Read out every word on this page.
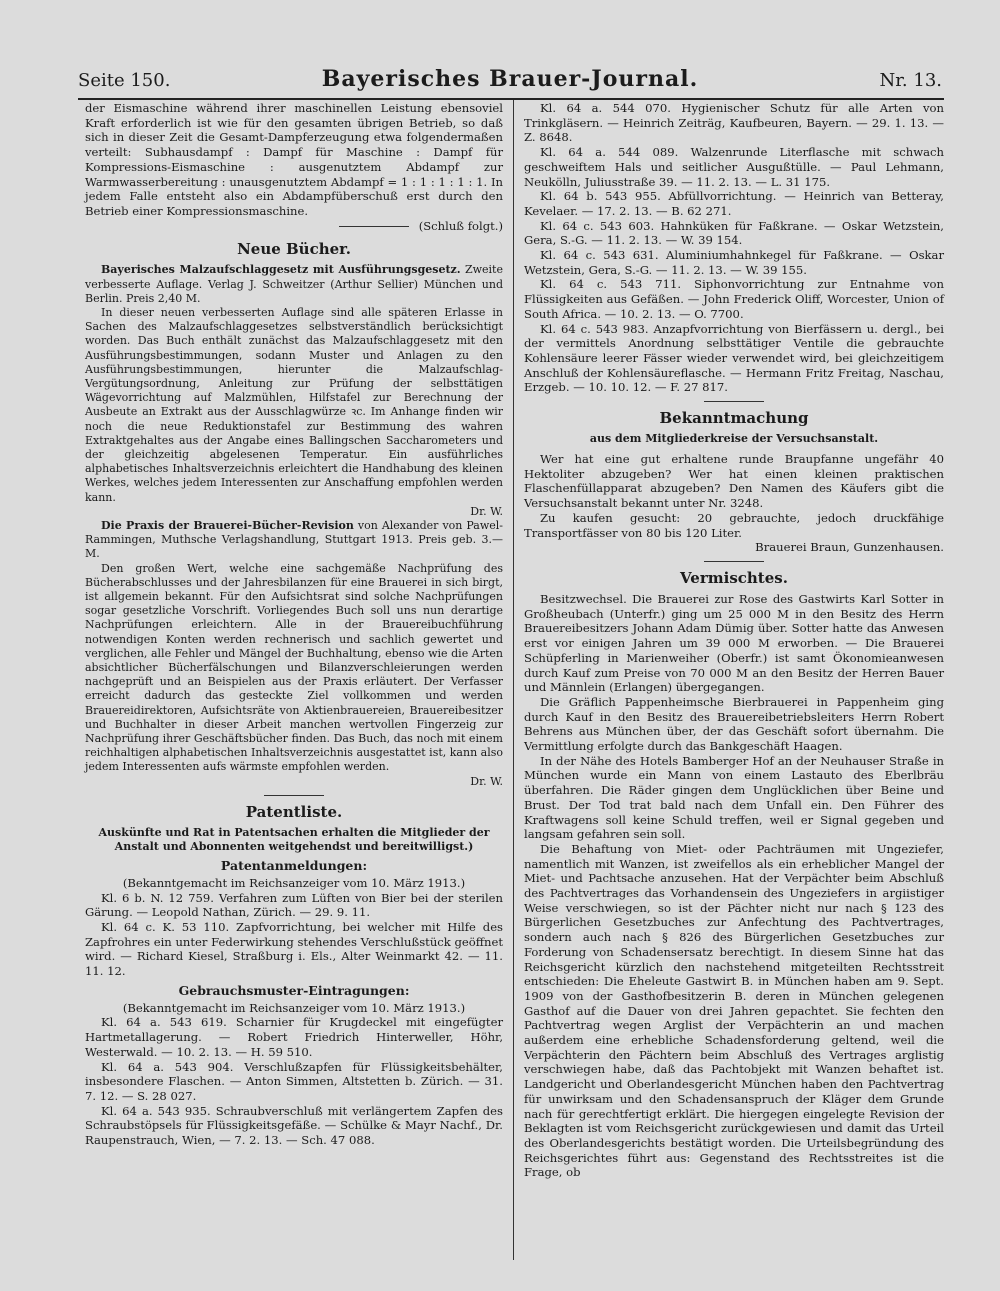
Seite 150.	Bayerisches Brauer-Journal.	Nr. 13.

der Eismaschine während ihrer maschinellen Leistung ebensoviel Kraft erforderlich ist wie für den gesamten übrigen Betrieb, so daß sich in dieser Zeit die Gesamt-Dampferzeugung etwa folgendermaßen verteilt: Subhausdampf : Dampf für Maschine : Dampf für Kompressions-Eismaschine : ausgenutztem Abdampf zur Warmwasserbereitung : unausgenutztem Abdampf = 1 : 1 : 1 : 1 : 1. In jedem Falle entsteht also ein Abdampfüberschuß erst durch den Betrieb einer Kompressionsmaschine.

(Schluß folgt.)

Neue Bücher.

Bayerisches Malzaufschlaggesetz mit Ausführungsgesetz. Zweite verbesserte Auflage. Verlag J. Schweitzer (Arthur Sellier) München und Berlin. Preis 2,40 M.

In dieser neuen verbesserten Auflage sind alle späteren Erlasse in Sachen des Malzaufschlaggesetzes selbstverständlich berücksichtigt worden. Das Buch enthält zunächst das Malzaufschlaggesetz mit den Ausführungsbestimmungen, sodann Muster und Anlagen zu den Ausführungsbestimmungen, hierunter die Malzaufschlag-Vergütungsordnung, Anleitung zur Prüfung der selbsttätigen Wägevorrichtung auf Malzmühlen, Hilfstafel zur Berechnung der Ausbeute an Extrakt aus der Ausschlagwürze ꝛc. Im Anhange finden wir noch die neue Reduktionstafel zur Bestimmung des wahren Extraktgehaltes aus der Angabe eines Ballingschen Saccharometers und der gleichzeitig abgelesenen Temperatur. Ein ausführliches alphabetisches Inhaltsverzeichnis erleichtert die Handhabung des kleinen Werkes, welches jedem Interessenten zur Anschaffung empfohlen werden kann.

Dr. W.

Die Praxis der Brauerei-Bücher-Revision von Alexander von Pawel-Rammingen, Muthsche Verlagshandlung, Stuttgart 1913. Preis geb. 3.— M.

Den großen Wert, welche eine sachgemäße Nachprüfung des Bücherabschlusses und der Jahresbilanzen für eine Brauerei in sich birgt, ist allgemein bekannt. Für den Aufsichtsrat sind solche Nachprüfungen sogar gesetzliche Vorschrift. Vorliegendes Buch soll uns nun derartige Nachprüfungen erleichtern. Alle in der Brauereibuchführung notwendigen Konten werden rechnerisch und sachlich gewertet und verglichen, alle Fehler und Mängel der Buchhaltung, ebenso wie die Arten absichtlicher Bücherfälschungen und Bilanzverschleierungen werden nachgeprüft und an Beispielen aus der Praxis erläutert. Der Verfasser erreicht dadurch das gesteckte Ziel vollkommen und werden Brauereidirektoren, Aufsichtsräte von Aktienbrauereien, Brauereibesitzer und Buchhalter in dieser Arbeit manchen wertvollen Fingerzeig zur Nachprüfung ihrer Geschäftsbücher finden. Das Buch, das noch mit einem reichhaltigen alphabetischen Inhaltsverzeichnis ausgestattet ist, kann also jedem Interessenten aufs wärmste empfohlen werden.

Dr. W.

Patentliste.
Auskünfte und Rat in Patentsachen erhalten die Mitglieder der Anstalt und Abonnenten weitgehendst und bereitwilligst.)
Patentanmeldungen:

(Bekanntgemacht im Reichsanzeiger vom 10. März 1913.)

Kl. 6 b. N. 12 759. Verfahren zum Lüften von Bier bei der sterilen Gärung. — Leopold Nathan, Zürich. — 29. 9. 11.

Kl. 64 c. K. 53 110. Zapfvorrichtung, bei welcher mit Hilfe des Zapfrohres ein unter Federwirkung stehendes Verschlußstück geöffnet wird. — Richard Kiesel, Straßburg i. Els., Alter Weinmarkt 42. — 11. 11. 12.

Gebrauchsmuster-Eintragungen:

(Bekanntgemacht im Reichsanzeiger vom 10. März 1913.)

Kl. 64 a. 543 619. Scharnier für Krugdeckel mit eingefügter Hartmetallagerung. — Robert Friedrich Hinterweller, Höhr, Westerwald. — 10. 2. 13. — H. 59 510.

Kl. 64 a. 543 904. Verschlußzapfen für Flüssigkeitsbehälter, insbesondere Flaschen. — Anton Simmen, Altstetten b. Zürich. — 31. 7. 12. — S. 28 027.

Kl. 64 a. 543 935. Schraubverschluß mit verlängertem Zapfen des Schraubstöpsels für Flüssigkeitsgefäße. — Schülke & Mayr Nachf., Dr. Raupenstrauch, Wien, — 7. 2. 13. — Sch. 47 088.

Kl. 64 a. 544 070. Hygienischer Schutz für alle Arten von Trinkgläsern. — Heinrich Zeiträg, Kaufbeuren, Bayern. — 29. 1. 13. — Z. 8648.

Kl. 64 a. 544 089. Walzenrunde Literflasche mit schwach geschweiftem Hals und seitlicher Ausgußtülle. — Paul Lehmann, Neukölln, Juliusstraße 39. — 11. 2. 13. — L. 31 175.

Kl. 64 b. 543 955. Abfüllvorrichtung. — Heinrich van Betteray, Kevelaer. — 17. 2. 13. — B. 62 271.

Kl. 64 c. 543 603. Hahnküken für Faßkrane. — Oskar Wetzstein, Gera, S.-G. — 11. 2. 13. — W. 39 154.

Kl. 64 c. 543 631. Aluminiumhahnkegel für Faßkrane. — Oskar Wetzstein, Gera, S.-G. — 11. 2. 13. — W. 39 155.

Kl. 64 c. 543 711. Siphonvorrichtung zur Entnahme von Flüssigkeiten aus Gefäßen. — John Frederick Oliff, Worcester, Union of South Africa. — 10. 2. 13. — O. 7700.

Kl. 64 c. 543 983. Anzapfvorrichtung von Bierfässern u. dergl., bei der vermittels Anordnung selbsttätiger Ventile die gebrauchte Kohlensäure leerer Fässer wieder verwendet wird, bei gleichzeitigem Anschluß der Kohlensäureflasche. — Hermann Fritz Freitag, Naschau, Erzgeb. — 10. 10. 12. — F. 27 817.

Bekanntmachung
aus dem Mitgliederkreise der Versuchsanstalt.

Wer hat eine gut erhaltene runde Braupfanne ungefähr 40 Hektoliter abzugeben? Wer hat einen kleinen praktischen Flaschenfüllapparat abzugeben? Den Namen des Käufers gibt die Versuchsanstalt bekannt unter Nr. 3248.

Zu kaufen gesucht: 20 gebrauchte, jedoch druckfähige Transportfässer von 80 bis 120 Liter.

Brauerei Braun, Gunzenhausen.

Vermischtes.

Besitzwechsel. Die Brauerei zur Rose des Gastwirts Karl Sotter in Großheubach (Unterfr.) ging um 25 000 M in den Besitz des Herrn Brauereibesitzers Johann Adam Dümig über. Sotter hatte das Anwesen erst vor einigen Jahren um 39 000 M erworben. — Die Brauerei Schüpferling in Marienweiher (Oberfr.) ist samt Ökonomieanwesen durch Kauf zum Preise von 70 000 M an den Besitz der Herren Bauer und Männlein (Erlangen) übergegangen.

Die Gräflich Pappenheimsche Bierbrauerei in Pappenheim ging durch Kauf in den Besitz des Brauereibetriebsleiters Herrn Robert Behrens aus München über, der das Geschäft sofort übernahm. Die Vermittlung erfolgte durch das Bankgeschäft Haagen.

In der Nähe des Hotels Bamberger Hof an der Neuhauser Straße in München wurde ein Mann von einem Lastauto des Eberlbräu überfahren. Die Räder gingen dem Unglücklichen über Beine und Brust. Der Tod trat bald nach dem Unfall ein. Den Führer des Kraftwagens soll keine Schuld treffen, weil er Signal gegeben und langsam gefahren sein soll.

Die Behaftung von Miet- oder Pachträumen mit Ungeziefer, namentlich mit Wanzen, ist zweifellos als ein erheblicher Mangel der Miet- und Pachtsache anzusehen. Hat der Verpächter beim Abschluß des Pachtvertrages das Vorhandensein des Ungeziefers in argiistiger Weise verschwiegen, so ist der Pächter nicht nur nach § 123 des Bürgerlichen Gesetzbuches zur Anfechtung des Pachtvertrages, sondern auch nach § 826 des Bürgerlichen Gesetzbuches zur Forderung von Schadensersatz berechtigt. In diesem Sinne hat das Reichsgericht kürzlich den nachstehend mitgeteilten Rechtsstreit entschieden: Die Eheleute Gastwirt B. in München haben am 9. Sept. 1909 von der Gasthofbesitzerin B. deren in München gelegenen Gasthof auf die Dauer von drei Jahren gepachtet. Sie fechten den Pachtvertrag wegen Arglist der Verpächterin an und machen außerdem eine erhebliche Schadensforderung geltend, weil die Verpächterin den Pächtern beim Abschluß des Vertrages arglistig verschwiegen habe, daß das Pachtobjekt mit Wanzen behaftet ist. Landgericht und Oberlandesgericht München haben den Pachtvertrag für unwirksam und den Schadensanspruch der Kläger dem Grunde nach für gerechtfertigt erklärt. Die hiergegen eingelegte Revision der Beklagten ist vom Reichsgericht zurückgewiesen und damit das Urteil des Oberlandesgerichts bestätigt worden. Die Urteilsbegründung des Reichsgerichtes führt aus: Gegenstand des Rechtsstreites ist die Frage, ob
